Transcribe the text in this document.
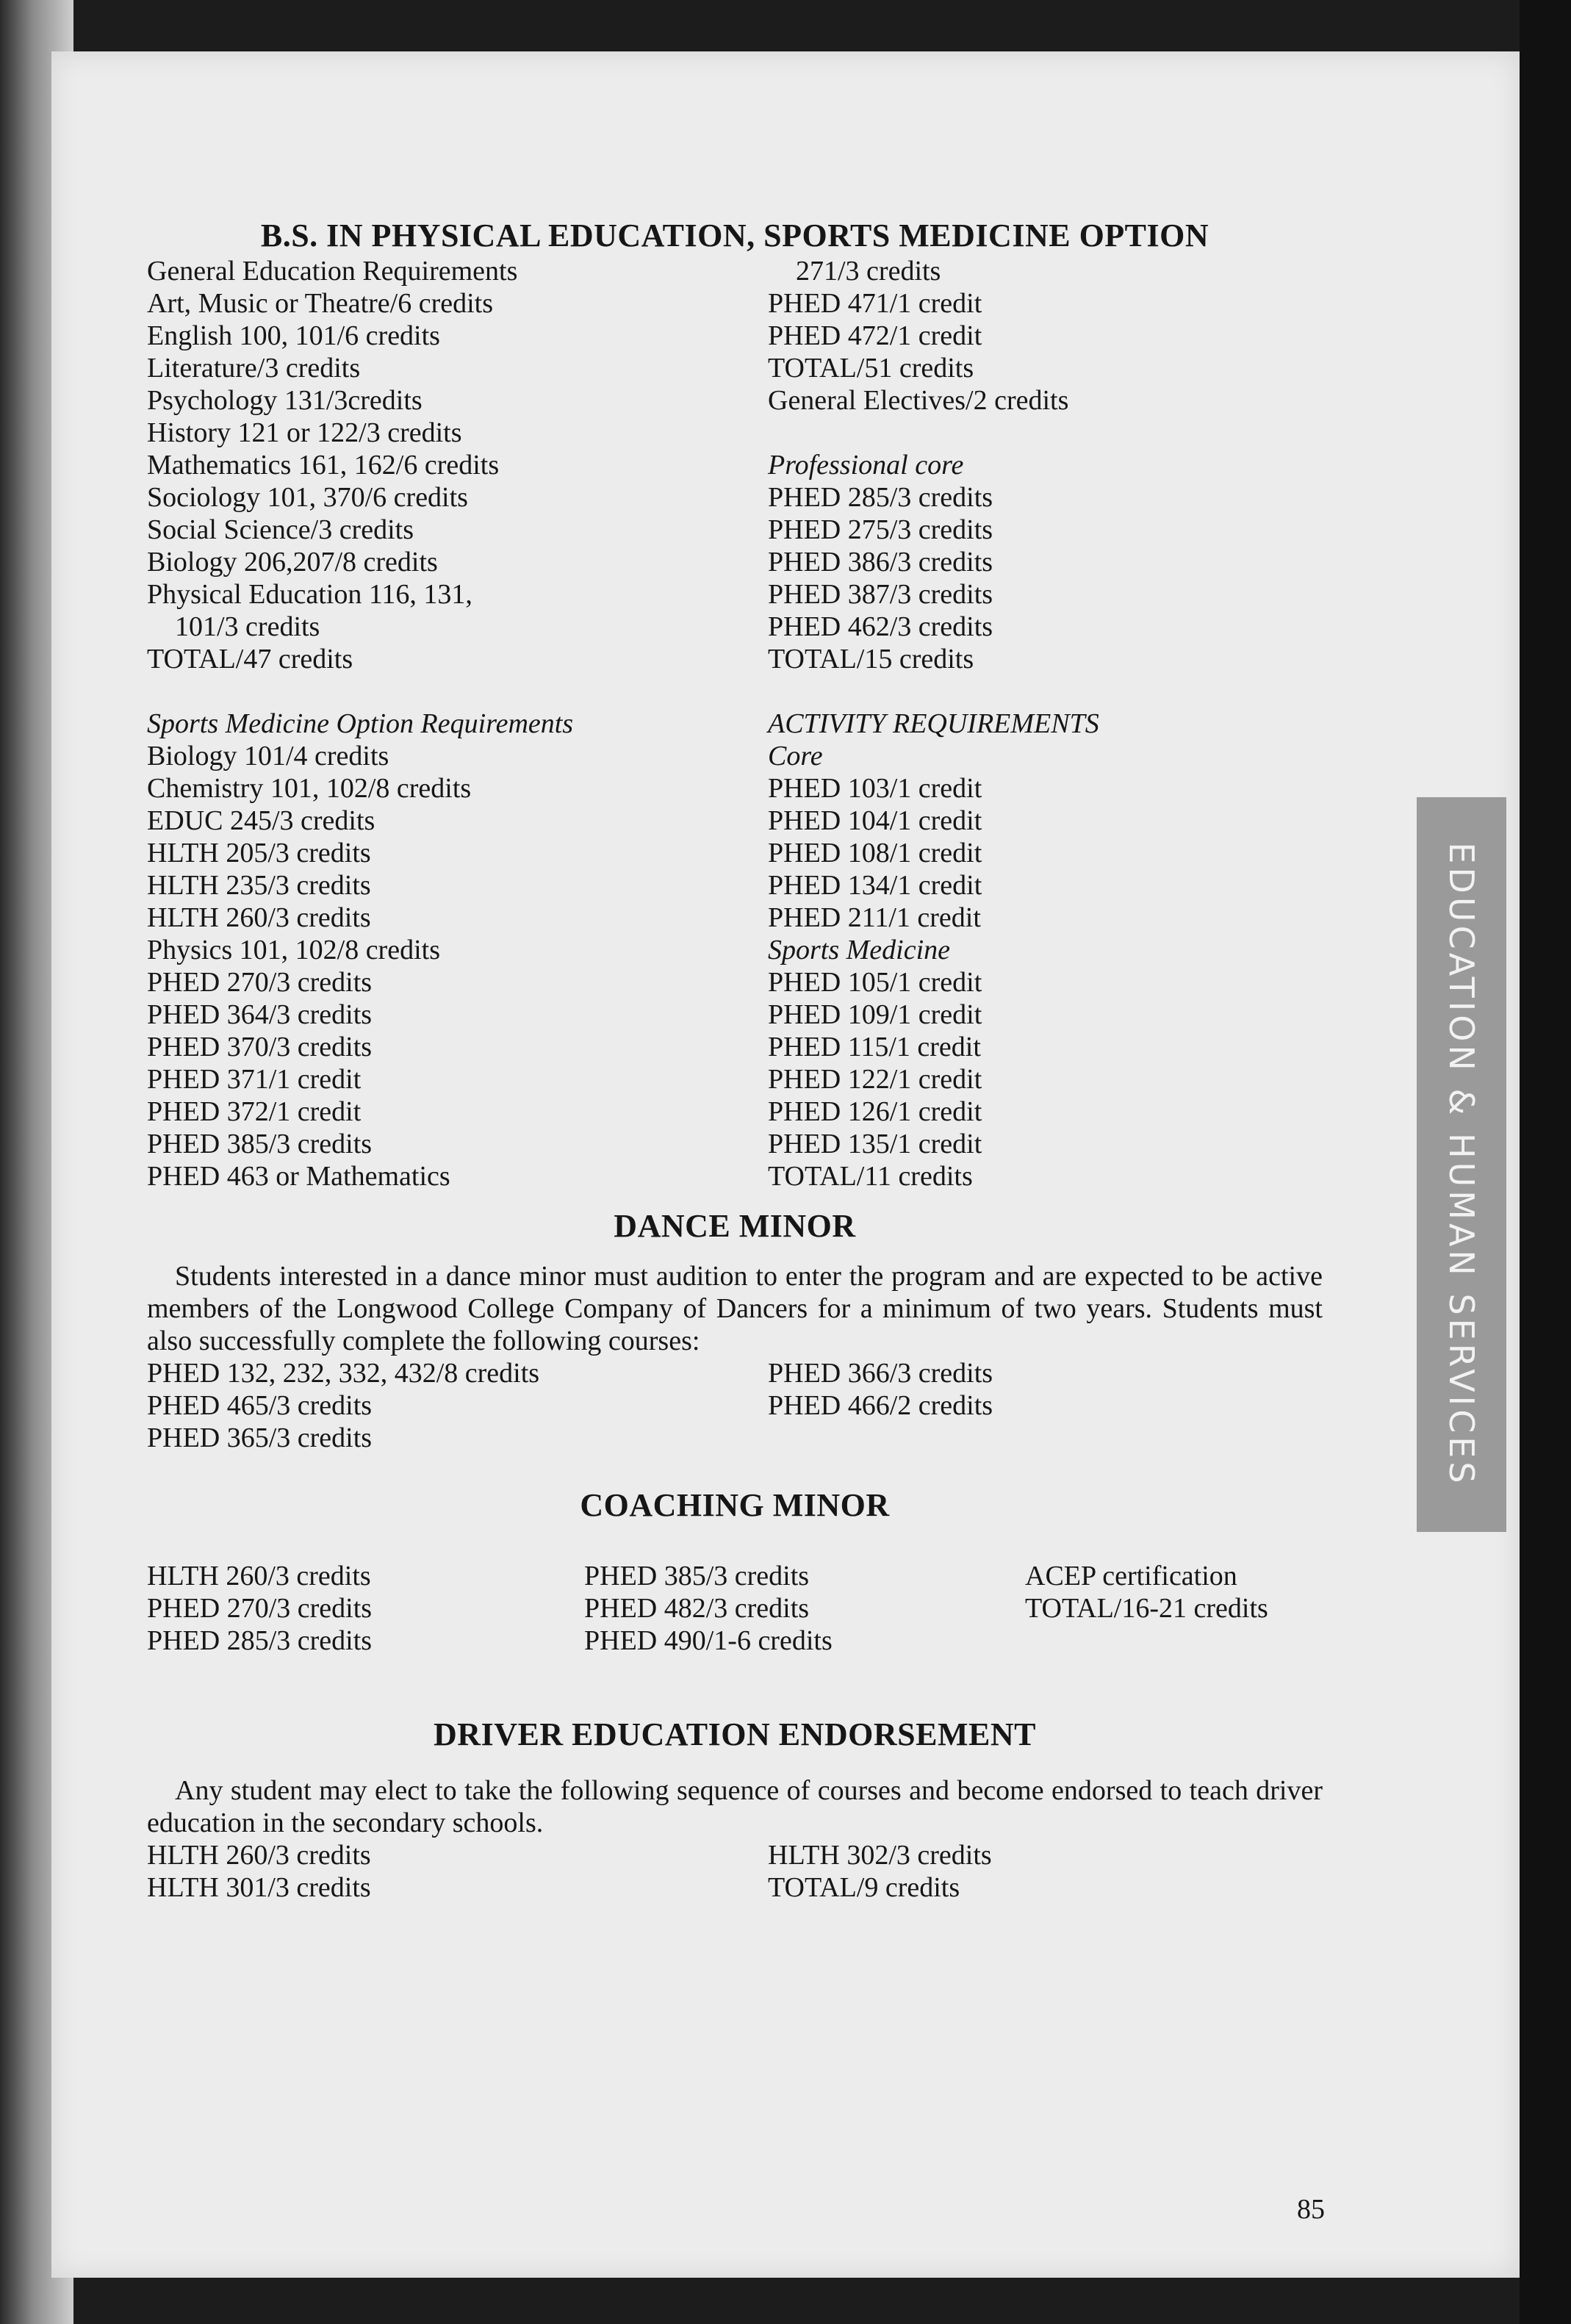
B.S. IN PHYSICAL EDUCATION, SPORTS MEDICINE OPTION
General Education Requirements
Art, Music or Theatre/6 credits
English 100, 101/6 credits
Literature/3 credits
Psychology 131/3credits
History 121 or 122/3 credits
Mathematics 161, 162/6 credits
Sociology 101, 370/6 credits
Social Science/3 credits
Biology 206,207/8 credits
Physical Education 116, 131,
101/3 credits
TOTAL/47 credits
Sports Medicine Option Requirements
Biology 101/4 credits
Chemistry 101, 102/8 credits
EDUC 245/3 credits
HLTH 205/3 credits
HLTH 235/3 credits
HLTH 260/3 credits
Physics 101, 102/8 credits
PHED 270/3 credits
PHED 364/3 credits
PHED 370/3 credits
PHED 371/1 credit
PHED 372/1 credit
PHED 385/3 credits
PHED 463 or Mathematics
271/3 credits
PHED 471/1 credit
PHED 472/1 credit
TOTAL/51 credits
General Electives/2 credits
Professional core
PHED 285/3 credits
PHED 275/3 credits
PHED 386/3 credits
PHED 387/3 credits
PHED 462/3 credits
TOTAL/15 credits
ACTIVITY REQUIREMENTS
Core
PHED 103/1 credit
PHED 104/1 credit
PHED 108/1 credit
PHED 134/1 credit
PHED 211/1 credit
Sports Medicine
PHED 105/1 credit
PHED 109/1 credit
PHED 115/1 credit
PHED 122/1 credit
PHED 126/1 credit
PHED 135/1 credit
TOTAL/11 credits
DANCE MINOR
Students interested in a dance minor must audition to enter the program and are expected to be active members of the Longwood College Company of Dancers for a minimum of two years. Students must also successfully complete the following courses:
PHED 132, 232, 332, 432/8 credits
PHED 465/3 credits
PHED 365/3 credits
PHED 366/3 credits
PHED 466/2 credits
COACHING MINOR
HLTH 260/3 credits
PHED 270/3 credits
PHED 285/3 credits
PHED 385/3 credits
PHED 482/3 credits
PHED 490/1-6 credits
ACEP certification
TOTAL/16-21 credits
DRIVER EDUCATION ENDORSEMENT
Any student may elect to take the following sequence of courses and become endorsed to teach driver education in the secondary schools.
HLTH 260/3 credits
HLTH 301/3 credits
HLTH 302/3 credits
TOTAL/9 credits
EDUCATION & HUMAN SERVICES
85
